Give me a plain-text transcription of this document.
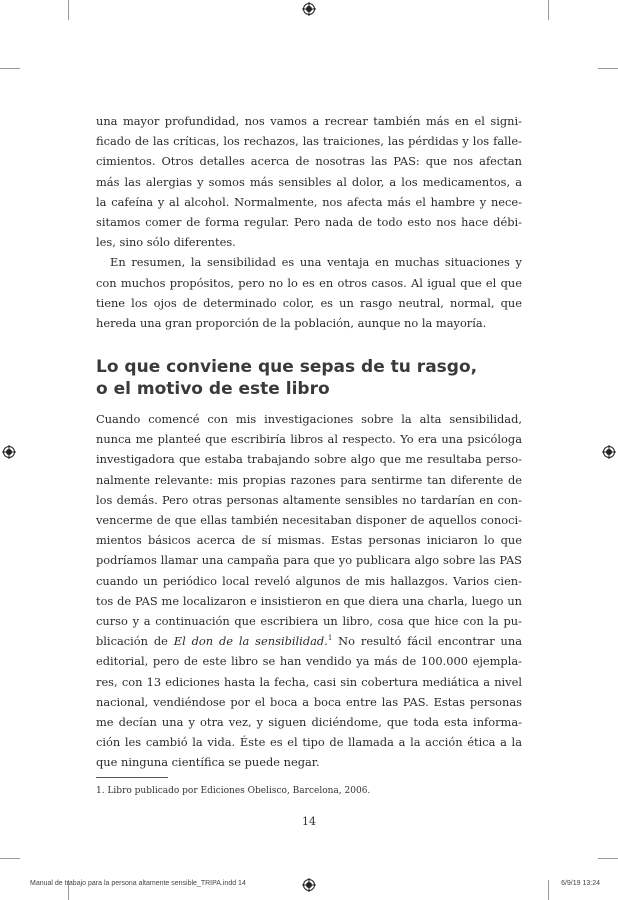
una mayor profundidad, nos vamos a recrear también más en el signi-
ficado de las críticas, los rechazos, las traiciones, las pérdidas y los falle-
cimientos. Otros detalles acerca de nosotras las PAS: que nos afectan
más las alergias y somos más sensibles al dolor, a los medicamentos, a
la cafeína y al alcohol. Normalmente, nos afecta más el hambre y nece-
sitamos comer de forma regular. Pero nada de todo esto nos hace débi-
les, sino sólo diferentes.
En resumen, la sensibilidad es una ventaja en muchas situaciones y
con muchos propósitos, pero no lo es en otros casos. Al igual que el que
tiene los ojos de determinado color, es un rasgo neutral, normal, que
hereda una gran proporción de la población, aunque no la mayoría.
Lo que conviene que sepas de tu rasgo,
o el motivo de este libro
Cuando comencé con mis investigaciones sobre la alta sensibilidad,
nunca me planteé que escribiría libros al respecto. Yo era una psicóloga
investigadora que estaba trabajando sobre algo que me resultaba perso-
nalmente relevante: mis propias razones para sentirme tan diferente de
los demás. Pero otras personas altamente sensibles no tardarían en con-
vencerme de que ellas también necesitaban disponer de aquellos conoci-
mientos básicos acerca de sí mismas. Estas personas iniciaron lo que
podríamos llamar una campaña para que yo publicara algo sobre las PAS
cuando un periódico local reveló algunos de mis hallazgos. Varios cien-
tos de PAS me localizaron e insistieron en que diera una charla, luego un
curso y a continuación que escribiera un libro, cosa que hice con la pu-
blicación de El don de la sensibilidad.$^1$ No resultó fácil encontrar una
editorial, pero de este libro se han vendido ya más de 100.000 ejempla-
res, con 13 ediciones hasta la fecha, casi sin cobertura mediática a nivel
nacional, vendiéndose por el boca a boca entre las PAS. Estas personas
me decían una y otra vez, y siguen diciéndome, que toda esta informa-
ción les cambió la vida. Éste es el tipo de llamada a la acción ética a la
que ninguna científica se puede negar.
1. Libro publicado por Ediciones Obelisco, Barcelona, 2006.
14
Manual de trabajo para la persona altamente sensible_TRIPA.indd 14	6/9/19 13:24
